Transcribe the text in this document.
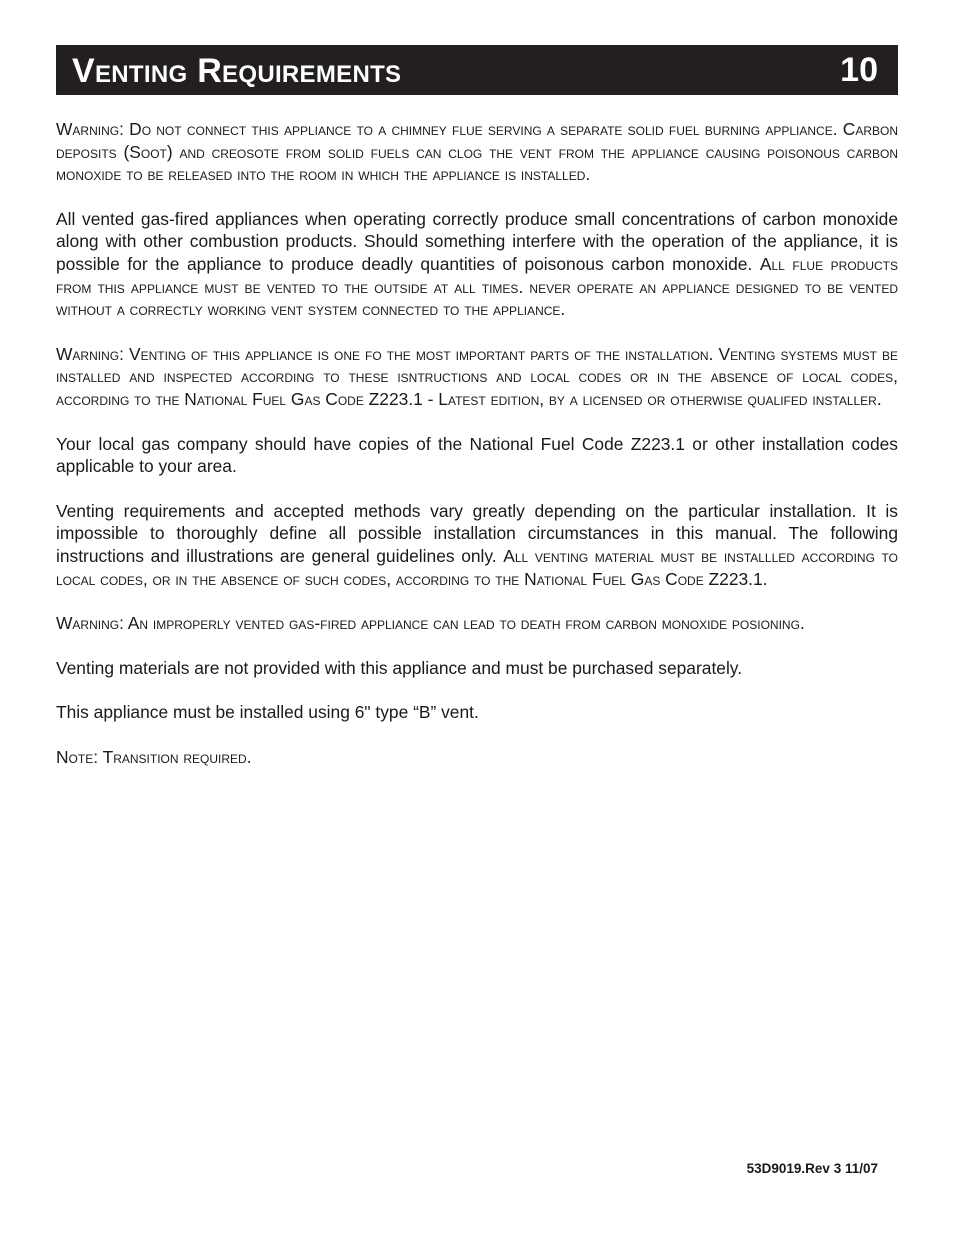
Venting Requirements	10

Warning: Do not connect this appliance to a chimney flue serving a separate solid fuel burning appliance. Carbon deposits (Soot) and creosote from solid fuels can clog the vent from the appliance causing poisonous carbon monoxide to be released into the room in which the appliance is installed.

All vented gas-fired appliances when operating correctly produce small concentrations of carbon monoxide along with other combustion products. Should something interfere with the operation of the appliance, it is possible for the appliance to produce deadly quantities of poisonous carbon monoxide. All flue products from this appliance must be vented to the outside at all times. never operate an appliance designed to be vented without a correctly working vent system connected to the appliance.

Warning: Venting of this appliance is one fo the most important parts of the installation. Venting systems must be installed and inspected according to these isntructions and local codes or in the absence of local codes, according to the National Fuel Gas Code Z223.1 - Latest edition, by a licensed or otherwise qualifed installer.

Your local gas company should have copies of the National Fuel Code Z223.1 or other installation codes applicable to your area.

Venting requirements and accepted methods vary greatly depending on the particular installation. It is impossible to thoroughly define all possible installation circumstances in this manual. The following instructions and illustrations are general guidelines only. All venting material must be installled according to local codes, or in the absence of such codes, according to the National Fuel Gas Code Z223.1.

Warning: An improperly vented gas-fired appliance can lead to death from carbon monoxide posioning.

Venting materials are not provided with this appliance and must be purchased separately.

This appliance must be installed using 6" type “B” vent.

Note: Transition required.

53D9019.Rev 3 11/07
